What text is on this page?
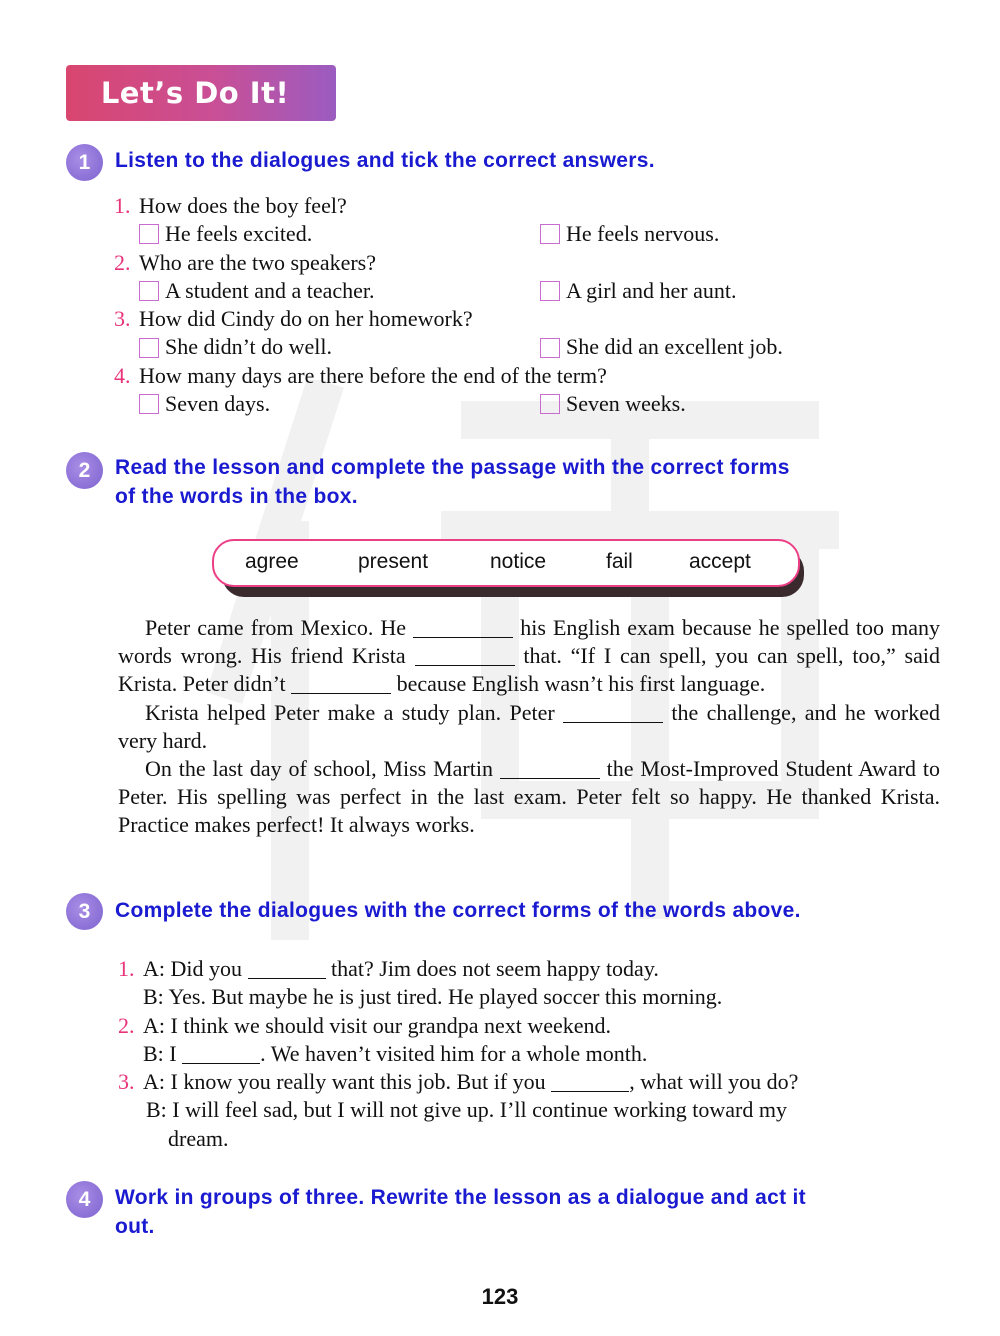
Let’s Do It!
1	Listen to the dialogues and tick the correct answers.
1. How does the boy feel?
He feels excited.	He feels nervous.
2. Who are the two speakers?
A student and a teacher.	A girl and her aunt.
3. How did Cindy do on her homework?
She didn’t do well.	She did an excellent job.
4. How many days are there before the end of the term?
Seven days.	Seven weeks.
2	Read the lesson and complete the passage with the correct forms
of the words in the box.
agree	present	notice	fail	accept

Peter came from Mexico. He	his English exam because he spelled too many words wrong. His friend Krista	that. “If I can spell, you can spell, too,” said Krista. Peter didn’t	because English wasn’t his first language.

Krista helped Peter make a study plan. Peter	the challenge, and he worked very hard.

On the last day of school, Miss Martin	the Most-Improved Student Award to Peter. His spelling was perfect in the last exam. Peter felt so happy. He thanked Krista. Practice makes perfect! It always works.

3	Complete the dialogues with the correct forms of the words above.
1. A: Did you	that? Jim does not seem happy today.
B: Yes. But maybe he is just tired. He played soccer this morning.
2. A: I think we should visit our grandpa next weekend.
B: I	. We haven’t visited him for a whole month.
3. A: I know you really want this job. But if you	, what will you do?
B: I will feel sad, but I will not give up. I’ll continue working toward my
dream.
4	Work in groups of three. Rewrite the lesson as a dialogue and act it
out.
123
